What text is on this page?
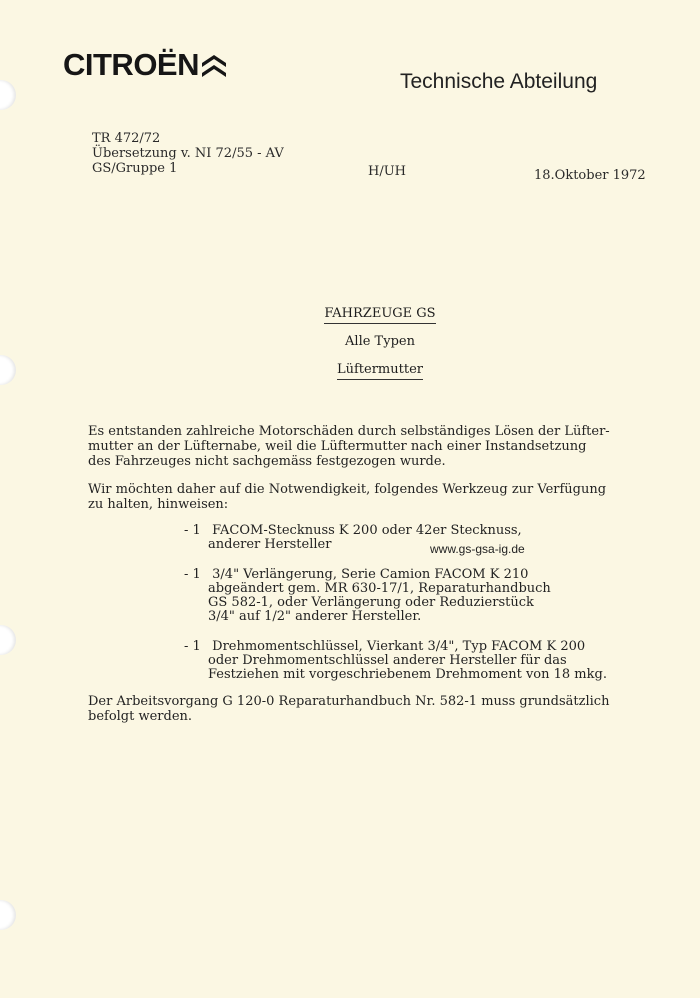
CITROËN	Technische Abteilung
TR 472/72
Übersetzung v. NI 72/55 - AV
GS/Gruppe 1	H/UH	18.Oktober 1972
FAHRZEUGE GS
Alle Typen
Lüftermutter
Es entstanden zahlreiche Motorschäden durch selbständiges Lösen der Lüfter-
mutter an der Lüfternabe, weil die Lüftermutter nach einer Instandsetzung
des Fahrzeuges nicht sachgemäss festgezogen wurde.
Wir möchten daher auf die Notwendigkeit, folgendes Werkzeug zur Verfügung
zu halten, hinweisen:
- 1 FACOM-Stecknuss K 200 oder 42er Stecknuss,
anderer Hersteller	www.gs-gsa-ig.de
- 1 3/4" Verlängerung, Serie Camion FACOM K 210
abgeändert gem. MR 630-17/1, Reparaturhandbuch
GS 582-1, oder Verlängerung oder Reduzierstück
3/4" auf 1/2" anderer Hersteller.
- 1 Drehmomentschlüssel, Vierkant 3/4", Typ FACOM K 200
oder Drehmomentschlüssel anderer Hersteller für das
Festziehen mit vorgeschriebenem Drehmoment von 18 mkg.
Der Arbeitsvorgang G 120-0 Reparaturhandbuch Nr. 582-1 muss grundsätzlich
befolgt werden.
